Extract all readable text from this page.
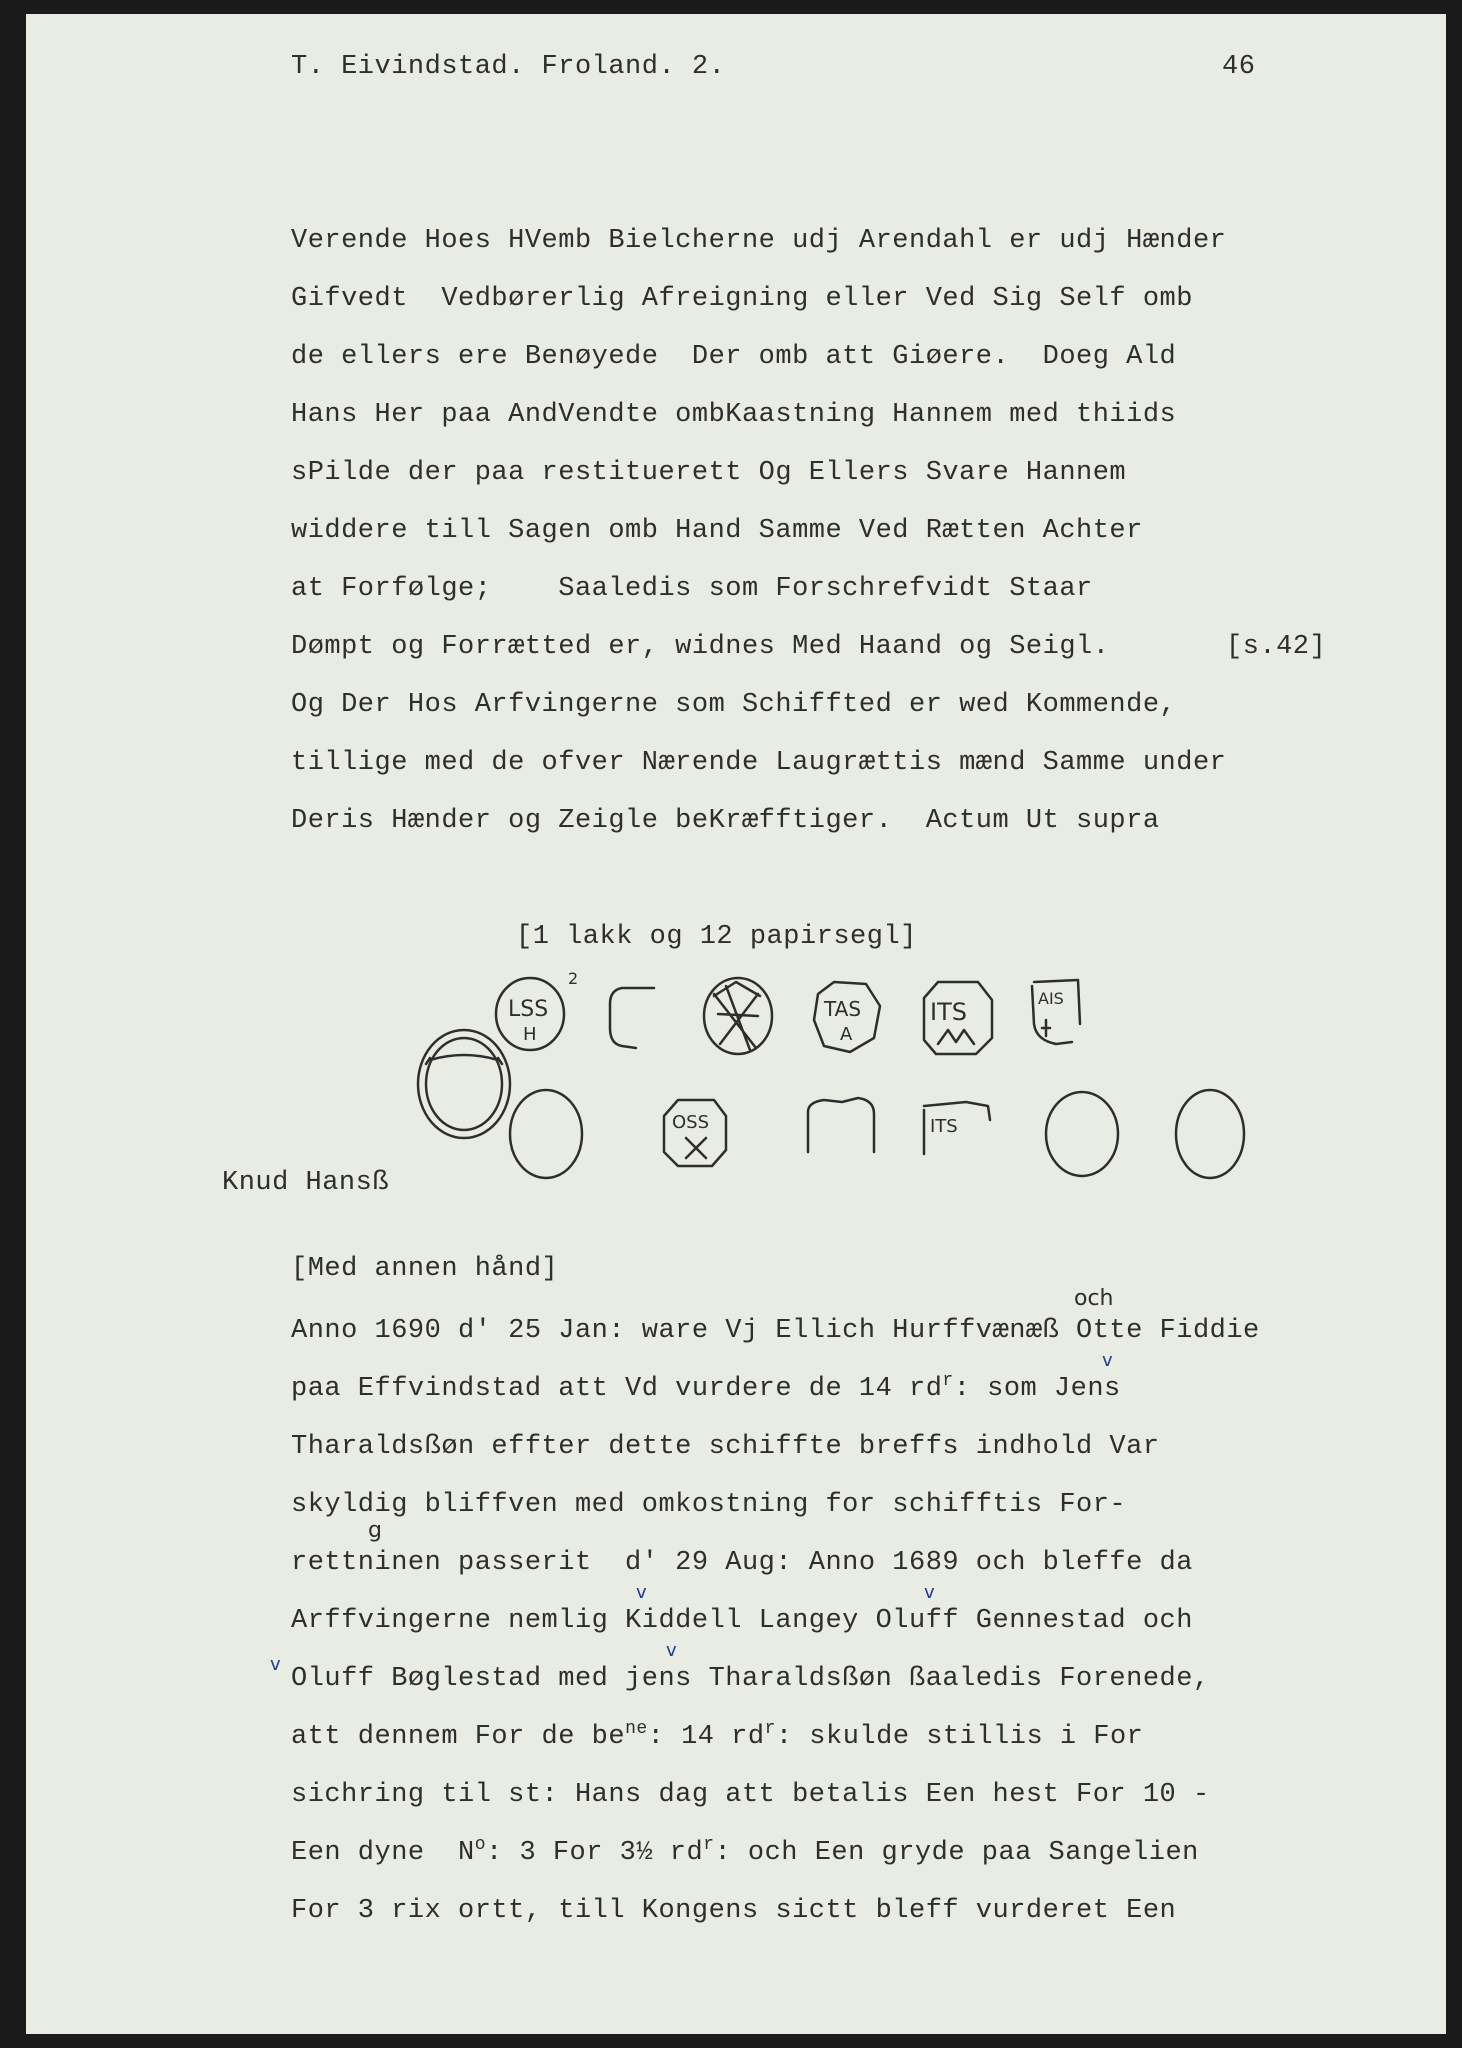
T. Eivindstad. Froland. 2.	46
Verende Hoes HVemb Bielcherne udj Arendahl er udj Hænder
Gifvedt  Vedbørerlig Afreigning eller Ved Sig Self omb
de ellers ere Benøyede  Der omb att Giøere.  Doeg Ald
Hans Her paa AndVendte ombKaastning Hannem med thiids
sPilde der paa restituerett Og Ellers Svare Hannem
widdere till Sagen omb Hand Samme Ved Rætten Achter
at Forfølge;    Saaledis som Forschrefvidt Staar
Dømpt og Forrætted er, widnes Med Haand og Seigl.	[s.42]
Og Der Hos Arfvingerne som Schiffted er wed Kommende,
tillige med de ofver Nærende Laugrættis mænd Samme under
Deris Hænder og Zeigle beKræfftiger.  Actum Ut supra
[1 lakk og 12 papirsegl]
LSS
H
2
TAS
A
ITS	AIS
OSS	ITS
Knud Hansß
[Med annen hånd]
och
Anno 1690 d' 25 Jan: ware Vj Ellich Hurffvænæß Otte Fiddie
v
paa Effvindstad att Vd vurdere de 14 $rd^r$: som Jens
Tharaldsßøn effter dette schiffte breffs indhold Var
skyldig bliffven med omkostning for schifftis For-
g
rettninen passerit  d' 29 Aug: Anno 1689 och bleffe da
v	v
Arffvingerne nemlig Kiddell Langey Oluff Gennestad och
v
v Oluff Bøglestad med jens Tharaldsßøn ßaaledis Forenede,
att dennem For de $be^{ne}$: 14 $rd^r$: skulde stillis i For
sichring til st: Hans dag att betalis Een hest For 10 -
Een dyne  $N^o$: 3 For 3½ $rd^r$: och Een gryde paa Sangelien
For 3 rix ortt, till Kongens sictt bleff vurderet Een
